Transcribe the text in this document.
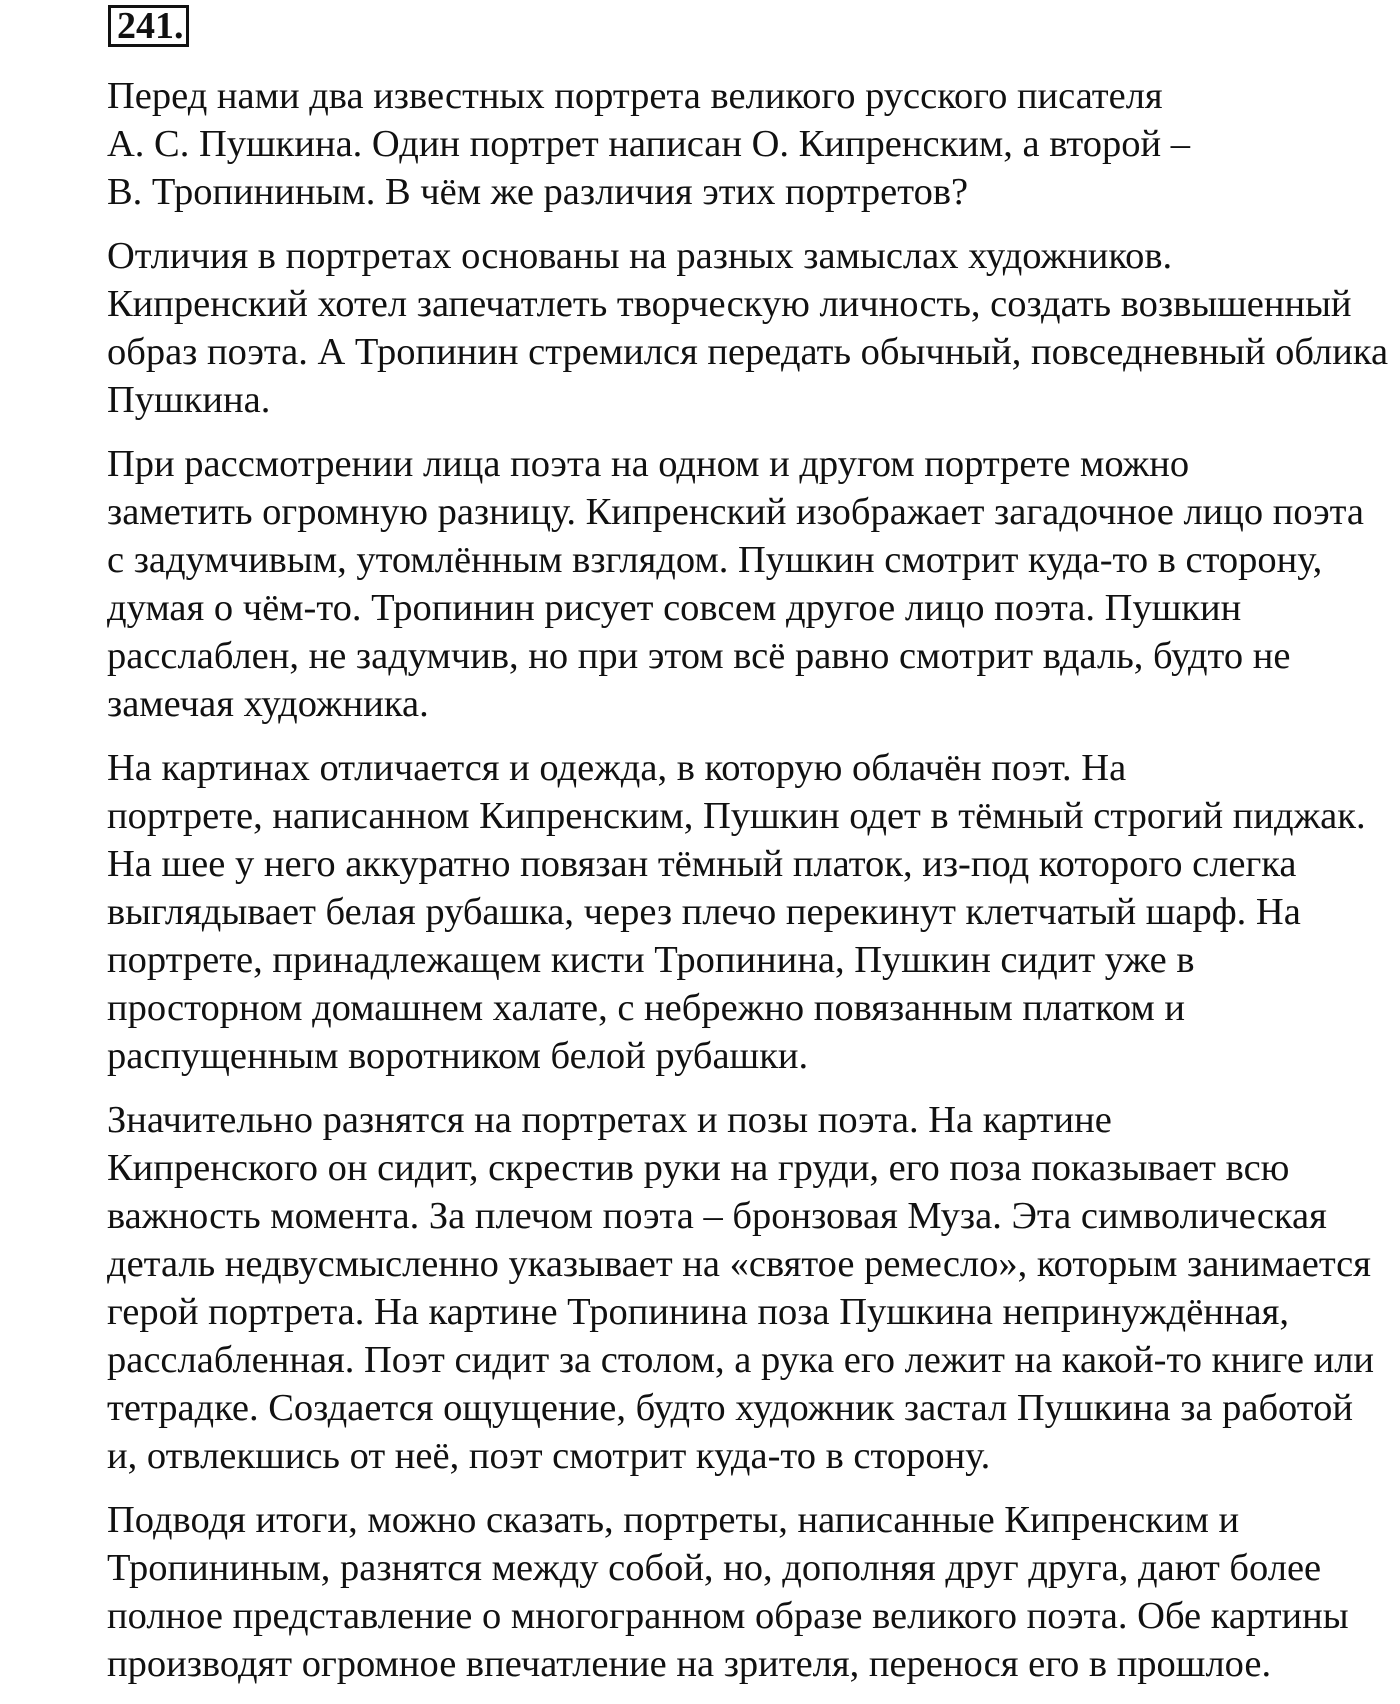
241 .

Перед нами два известных портрета великого русского писателя
А. С. Пушкина. Один портрет написан О. Кипренским, а второй –
В. Тропининым. В чём же различия этих портретов?

Отличия в портретах основаны на разных замыслах художников.
Кипренский хотел запечатлеть творческую личность, создать возвышенный
образ поэта. А Тропинин стремился передать обычный, повседневный облика
Пушкина.

При рассмотрении лица поэта на одном и другом портрете можно
заметить огромную разницу. Кипренский изображает загадочное лицо поэта
с задумчивым, утомлённым взглядом. Пушкин смотрит куда-то в сторону,
думая о чём-то. Тропинин рисует совсем другое лицо поэта. Пушкин
расслаблен, не задумчив, но при этом всё равно смотрит вдаль, будто не
замечая художника.

На картинах отличается и одежда, в которую облачён поэт. На
портрете, написанном Кипренским, Пушкин одет в тёмный строгий пиджак.
На шее у него аккуратно повязан тёмный платок, из-под которого слегка
выглядывает белая рубашка, через плечо перекинут клетчатый шарф. На
портрете, принадлежащем кисти Тропинина, Пушкин сидит уже в
просторном домашнем халате, с небрежно повязанным платком и
распущенным воротником белой рубашки.

Значительно разнятся на портретах и позы поэта. На картине
Кипренского он сидит, скрестив руки на груди, его поза показывает всю
важность момента. За плечом поэта – бронзовая Муза. Эта символическая
деталь недвусмысленно указывает на «святое ремесло», которым занимается
герой портрета. На картине Тропинина поза Пушкина непринуждённая,
расслабленная. Поэт сидит за столом, а рука его лежит на какой-то книге или
тетрадке. Создается ощущение, будто художник застал Пушкина за работой
и, отвлекшись от неё, поэт смотрит куда-то в сторону.

Подводя итоги, можно сказать, портреты, написанные Кипренским и
Тропининым, разнятся между собой, но, дополняя друг друга, дают более
полное представление о многогранном образе великого поэта. Обе картины
производят огромное впечатление на зрителя, перенося его в прошлое.
